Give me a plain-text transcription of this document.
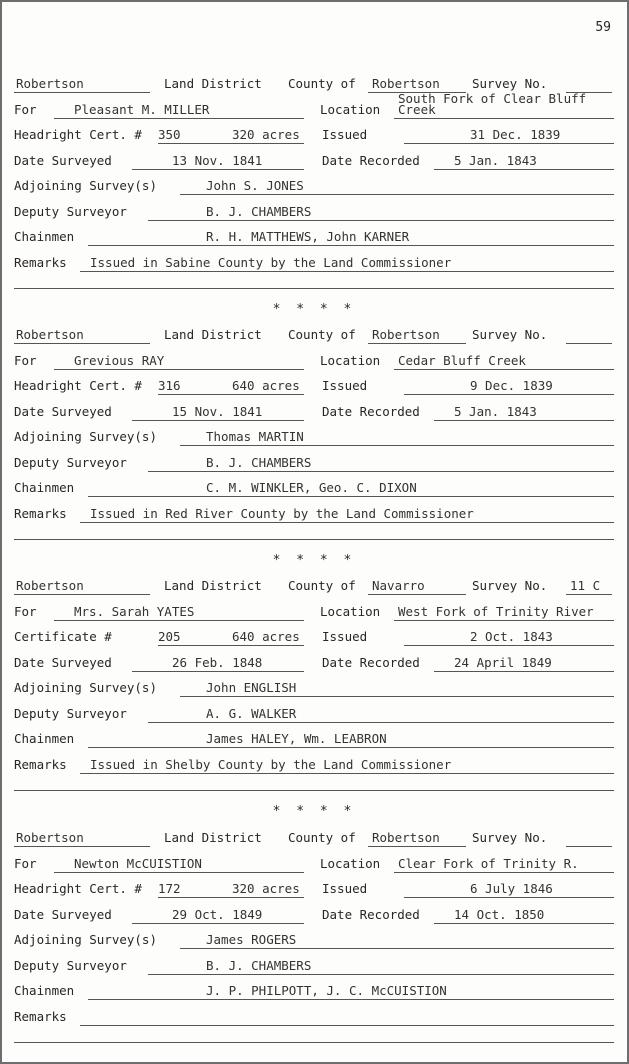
59
Robertson	Land District County of Robertson	Survey No.
For	Pleasant M. MILLER	Location
South Fork of Clear Bluff
Creek
Headright Cert. # 350	320 acres Issued	31 Dec. 1839
Date Surveyed	13 Nov. 1841	Date Recorded	5 Jan. 1843
Adjoining Survey(s)	John S. JONES
Deputy Surveyor	B. J. CHAMBERS
Chainmen	R. H. MATTHEWS, John KARNER
Remarks Issued in Sabine County by the Land Commissioner
* * * *
Robertson	Land District County of Robertson	Survey No.
For	Grevious RAY	Location Cedar Bluff Creek
Headright Cert. # 316	640 acres Issued	9 Dec. 1839
Date Surveyed	15 Nov. 1841	Date Recorded	5 Jan. 1843
Adjoining Survey(s)	Thomas MARTIN
Deputy Surveyor	B. J. CHAMBERS
Chainmen	C. M. WINKLER, Geo. C. DIXON
Remarks Issued in Red River County by the Land Commissioner
* * * *
Robertson	Land District County of Navarro	Survey No. 11 C
For	Mrs. Sarah YATES	Location West Fork of Trinity River
Certificate #	205	640 acres Issued	2 Oct. 1843
Date Surveyed	26 Feb. 1848	Date Recorded	24 April 1849
Adjoining Survey(s)	John ENGLISH
Deputy Surveyor	A. G. WALKER
Chainmen	James HALEY, Wm. LEABRON
Remarks Issued in Shelby County by the Land Commissioner
* * * *
Robertson	Land District County of Robertson	Survey No.
For	Newton McCUISTION	Location Clear Fork of Trinity R.
Headright Cert. # 172	320 acres Issued	6 July 1846
Date Surveyed	29 Oct. 1849	Date Recorded	14 Oct. 1850
Adjoining Survey(s)	James ROGERS
Deputy Surveyor	B. J. CHAMBERS
Chainmen	J. P. PHILPOTT, J. C. McCUISTION
Remarks
